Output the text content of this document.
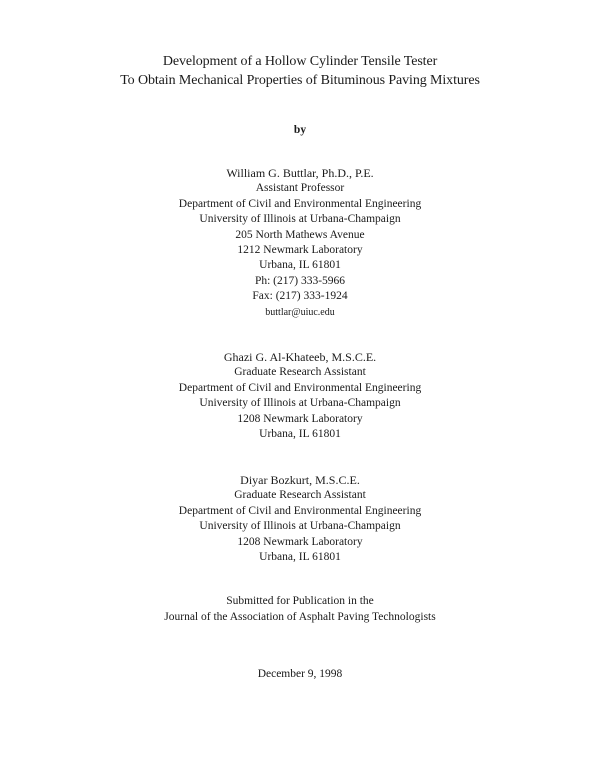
Development of a Hollow Cylinder Tensile Tester
To Obtain Mechanical Properties of Bituminous Paving Mixtures
by
William G. Buttlar, Ph.D., P.E.
Assistant Professor
Department of Civil and Environmental Engineering
University of Illinois at Urbana-Champaign
205 North Mathews Avenue
1212 Newmark Laboratory
Urbana, IL 61801
Ph: (217) 333-5966
Fax: (217) 333-1924
buttlar@uiuc.edu
Ghazi G. Al-Khateeb, M.S.C.E.
Graduate Research Assistant
Department of Civil and Environmental Engineering
University of Illinois at Urbana-Champaign
1208 Newmark Laboratory
Urbana, IL 61801
Diyar Bozkurt, M.S.C.E.
Graduate Research Assistant
Department of Civil and Environmental Engineering
University of Illinois at Urbana-Champaign
1208 Newmark Laboratory
Urbana, IL 61801
Submitted for Publication in the
Journal of the Association of Asphalt Paving Technologists
December 9, 1998
